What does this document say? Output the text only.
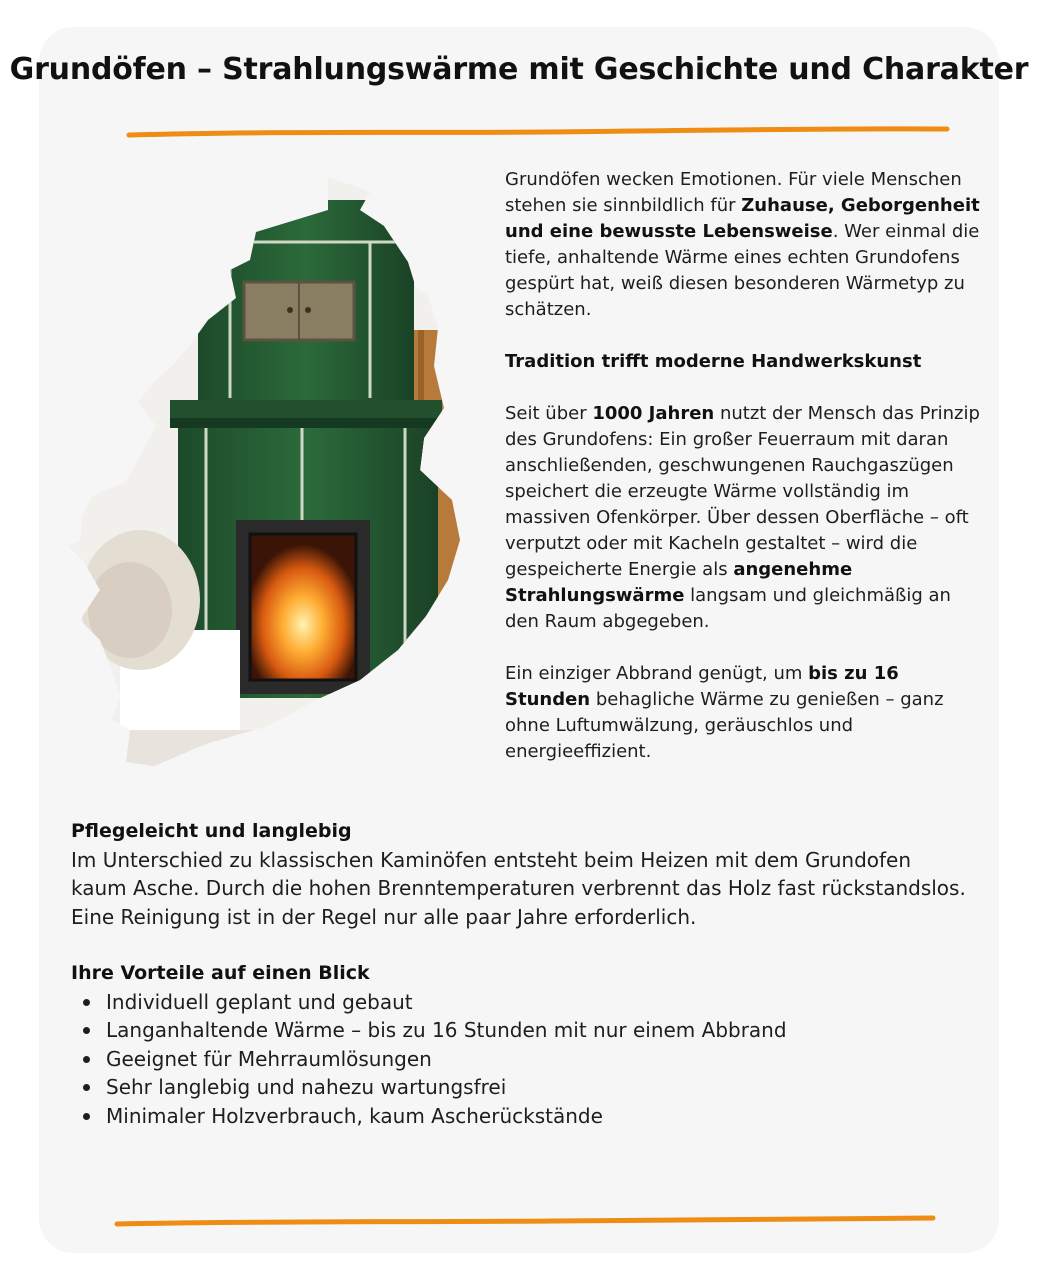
Grundöfen – Strahlungswärme mit Geschichte und Charakter

Grundöfen wecken Emotionen. Für viele Menschen stehen sie sinnbildlich für Zuhause, Geborgenheit und eine bewusste Lebensweise. Wer einmal die tiefe, anhaltende Wärme eines echten Grundofens gespürt hat, weiß diesen besonderen Wärmetyp zu schätzen.

Tradition trifft moderne Handwerkskunst

Seit über 1000 Jahren nutzt der Mensch das Prinzip des Grundofens: Ein großer Feuerraum mit daran anschließenden, geschwungenen Rauchgaszügen speichert die erzeugte Wärme vollständig im massiven Ofenkörper. Über dessen Oberfläche – oft verputzt oder mit Kacheln gestaltet – wird die gespeicherte Energie als angenehme Strahlungswärme langsam und gleichmäßig an den Raum abgegeben.

Ein einziger Abbrand genügt, um bis zu 16 Stunden behagliche Wärme zu genießen – ganz ohne Luftumwälzung, geräuschlos und energieeffizient.

Pflegeleicht und langlebig

Im Unterschied zu klassischen Kaminöfen entsteht beim Heizen mit dem Grundofen kaum Asche. Durch die hohen Brenntemperaturen verbrennt das Holz fast rückstandslos. Eine Reinigung ist in der Regel nur alle paar Jahre erforderlich.

Ihre Vorteile auf einen Blick
Individuell geplant und gebaut
Langanhaltende Wärme – bis zu 16 Stunden mit nur einem Abbrand
Geeignet für Mehrraumlösungen
Sehr langlebig und nahezu wartungsfrei
Minimaler Holzverbrauch, kaum Ascherückstände
